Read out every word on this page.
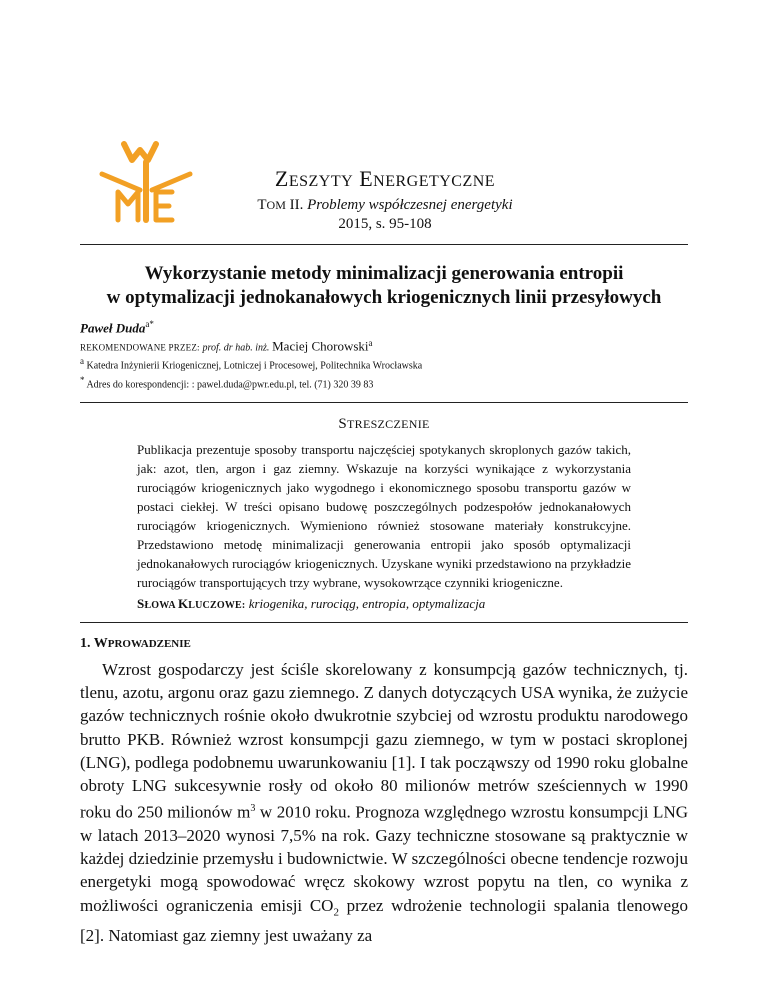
ZESZYTY ENERGETYCZNE
TOM II. Problemy współczesnej energetyki
2015, s. 95-108
Wykorzystanie metody minimalizacji generowania entropii
w optymalizacji jednokanałowych kriogenicznych linii przesyłowych
Paweł Duda$^{a*}$
REKOMENDOWANE PRZEZ: prof. dr hab. inż. Maciej Chorowski$^a$
$^a$ Katedra Inżynierii Kriogenicznej, Lotniczej i Procesowej, Politechnika Wrocławska
* Adres do korespondencji: : pawel.duda@pwr.edu.pl, tel. (71) 320 39 83
STRESZCZENIE
Publikacja prezentuje sposoby transportu najczęściej spotykanych skroplonych gazów takich, jak: azot, tlen, argon i gaz ziemny. Wskazuje na korzyści wynikające z wykorzystania rurociągów kriogenicznych jako wygodnego i ekonomicznego sposobu transportu gazów w postaci ciekłej. W treści opisano budowę poszczególnych podzespołów jednokanałowych rurociągów kriogenicznych. Wymieniono również stosowane materiały konstrukcyjne. Przedstawiono metodę minimalizacji generowania entropii jako sposób optymalizacji jednokanałowych rurociągów kriogenicznych. Uzyskane wyniki przedstawiono na przykładzie rurociągów transportujących trzy wybrane, wysokowrzące czynniki kriogeniczne.
SŁOWA KLUCZOWE: kriogenika, rurociąg, entropia, optymalizacja
1. WPROWADZENIE

Wzrost gospodarczy jest ściśle skorelowany z konsumpcją gazów technicznych, tj. tlenu, azotu, argonu oraz gazu ziemnego. Z danych dotyczących USA wynika, że zużycie gazów technicznych rośnie około dwukrotnie szybciej od wzrostu produktu narodowego brutto PKB. Również wzrost konsumpcji gazu ziemnego, w tym w postaci skroplonej (LNG), podlega podobnemu uwarunkowaniu [1]. I tak począwszy od 1990 roku globalne obroty LNG sukcesywnie rosły od około 80 milionów metrów sześciennych w 1990 roku do 250 milionów $m^3$ w 2010 roku. Prognoza względnego wzrostu konsumpcji LNG w latach 2013–2020 wynosi 7,5% na rok. Gazy techniczne stosowane są praktycznie w każdej dziedzinie przemysłu i budownictwie. W szczególności obecne tendencje rozwoju energetyki mogą spowodować wręcz skokowy wzrost popytu na tlen, co wynika z możliwości ograniczenia emisji $CO_2$ przez wdrożenie technologii spalania tlenowego [2]. Natomiast gaz ziemny jest uważany za
